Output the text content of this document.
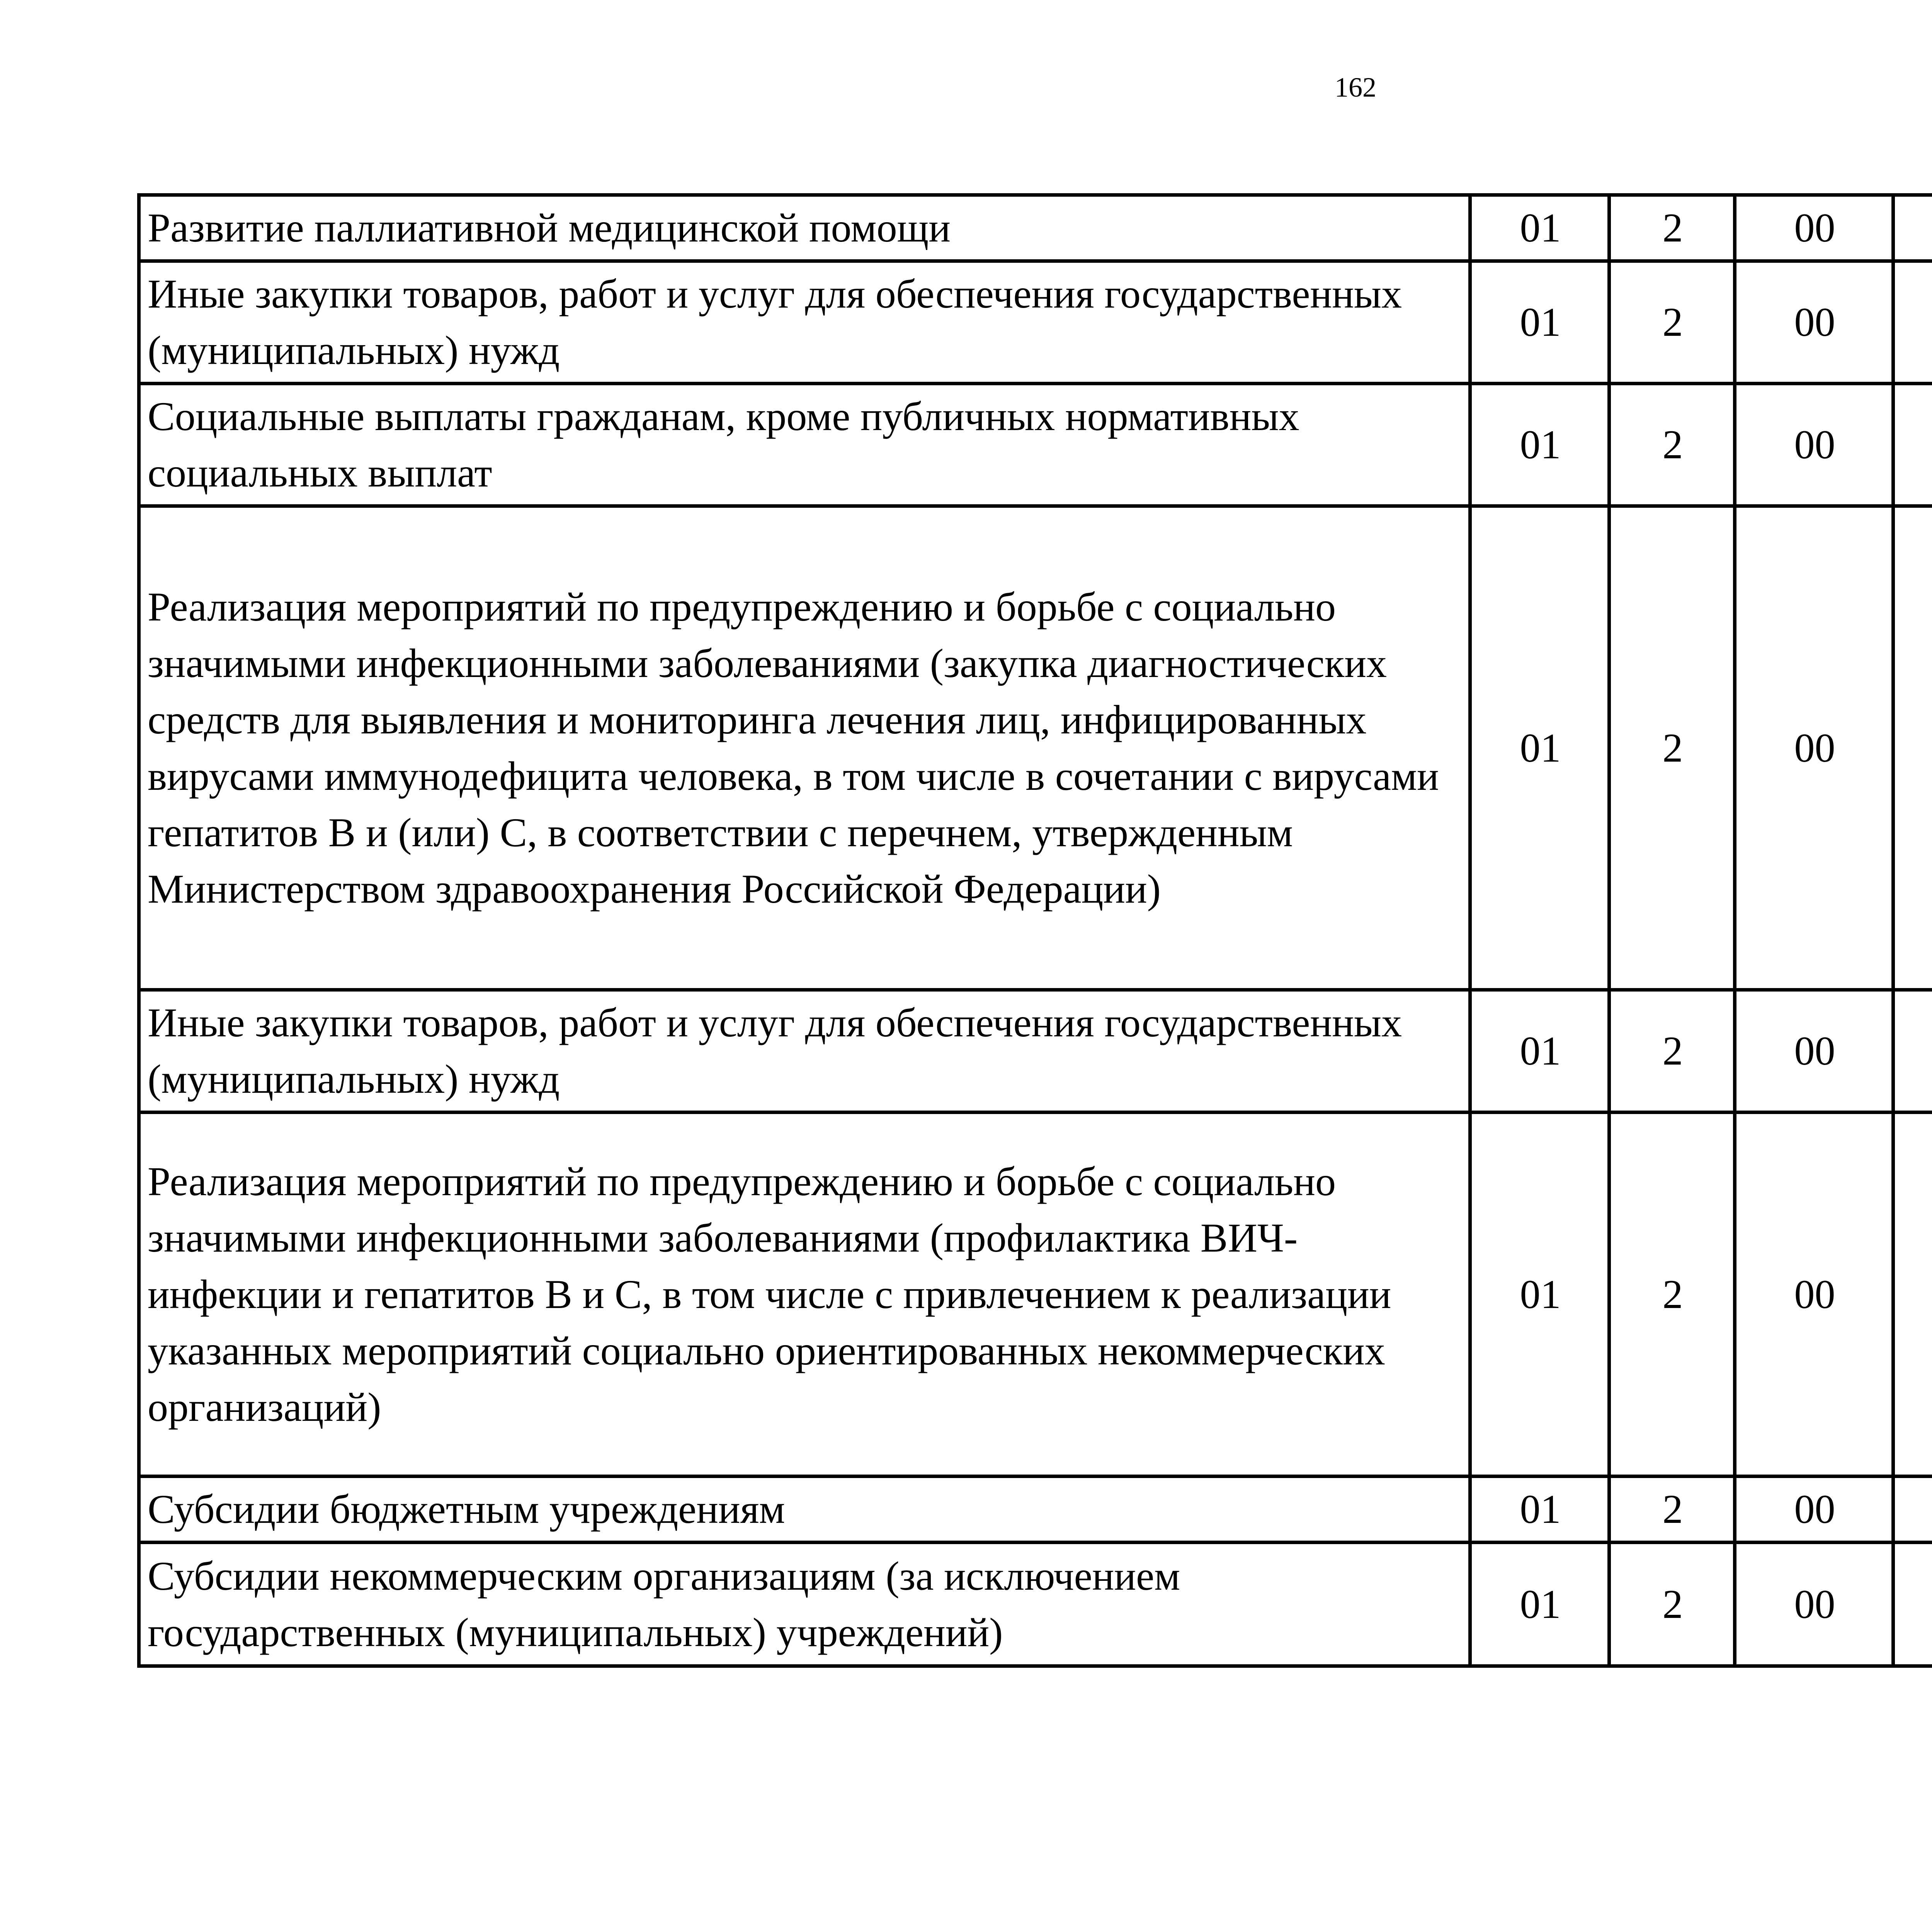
162
Развитие паллиативной медицинской помощи	01	2	00			
Иные закупки товаров, работ и услуг для обеспечения государственных (муниципальных) нужд	01	2	00			
Социальные выплаты гражданам, кроме публичных нормативных социальных выплат	01	2	00			
Реализация мероприятий по предупреждению и борьбе с социально значимыми инфекционными заболеваниями (закупка диагностических средств для выявления и мониторинга лечения лиц, инфицированных вирусами иммунодефицита человека, в том числе в сочетании с вирусами гепатитов B и (или) C, в соответствии с перечнем, утвержденным Министерством здравоохранения Российской Федерации)	01	2	00			
Иные закупки товаров, работ и услуг для обеспечения государственных (муниципальных) нужд	01	2	00			
Реализация мероприятий по предупреждению и борьбе с социально значимыми инфекционными заболеваниями (профилактика ВИЧ-инфекции и гепатитов B и C, в том числе с привлечением к реализации указанных мероприятий социально ориентированных некоммерческих организаций)	01	2	00			
Субсидии бюджетным учреждениям	01	2	00			
Субсидии некоммерческим организациям (за исключением государственных (муниципальных) учреждений)	01	2	00			
